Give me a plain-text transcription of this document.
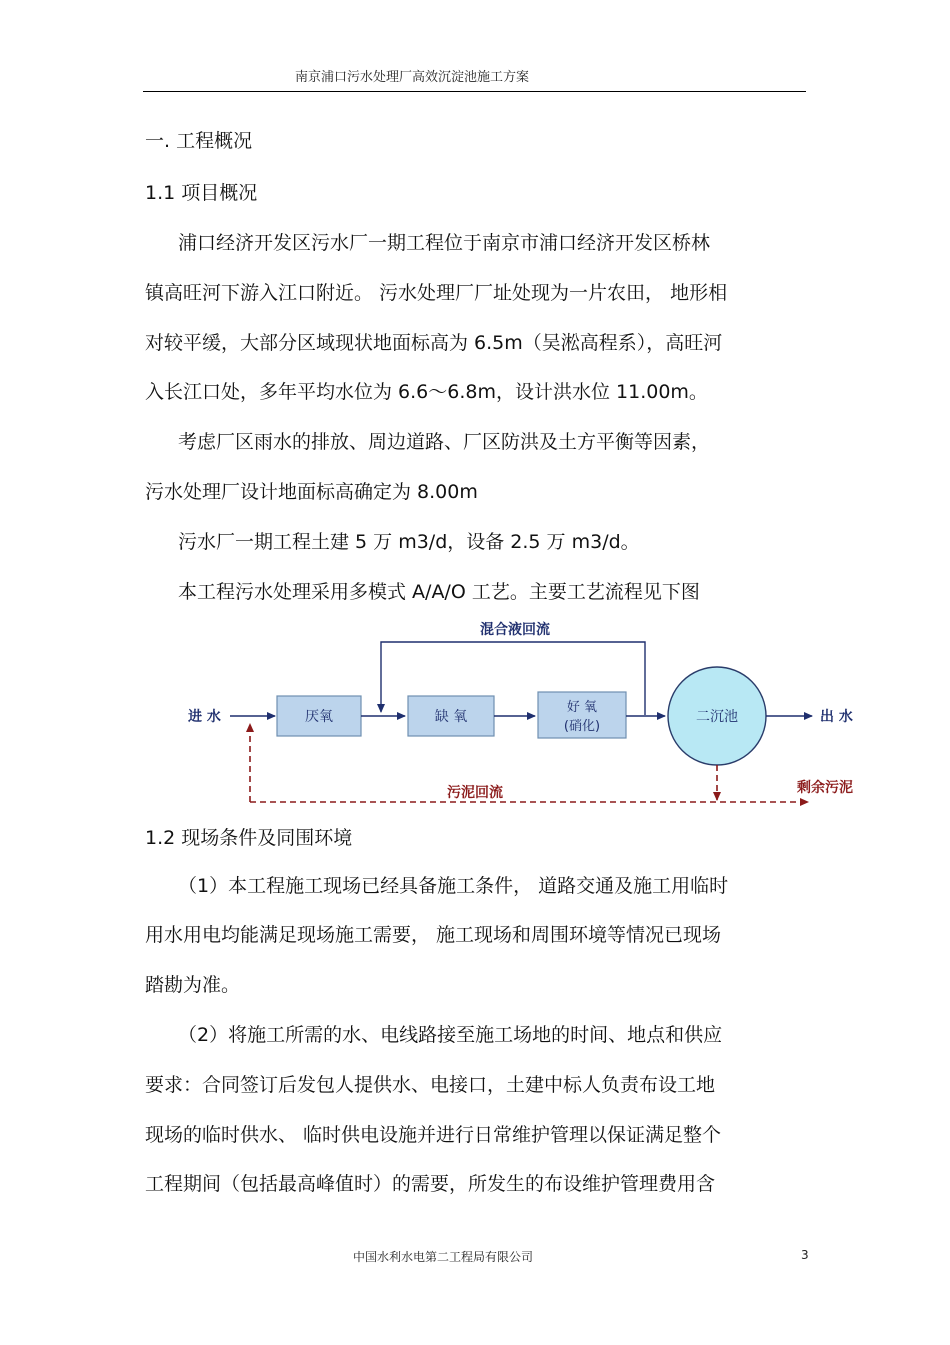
南京浦口污水处理厂高效沉淀池施工方案
一. 工程概况
1.1 项目概况
浦口经济开发区污水厂一期工程位于南京市浦口经济开发区桥林
镇高旺河下游入江口附近。 污水处理厂厂址处现为一片农田， 地形相
对较平缓，大部分区域现状地面标高为 6.5m（吴淞高程系），高旺河
入长江口处，多年平均水位为 6.6～6.8m，设计洪水位 11.00m。
考虑厂区雨水的排放、周边道路、厂区防洪及土方平衡等因素，
污水处理厂设计地面标高确定为 8.00m
污水厂一期工程土建 5 万 m3/d，设备 2.5 万 m3/d。
本工程污水处理采用多模式 A/A/O 工艺。主要工艺流程见下图
混合液回流
进 水	厌氧	缺 氧
好 氧
(硝化)
二沉池	出 水
污泥回流	剩余污泥
1.2 现场条件及同围环境
（1）本工程施工现场已经具备施工条件， 道路交通及施工用临时
用水用电均能满足现场施工需要， 施工现场和周围环境等情况已现场
踏勘为准。
（2）将施工所需的水、电线路接至施工场地的时间、地点和供应
要求：合同签订后发包人提供水、电接口，土建中标人负责布设工地
现场的临时供水、 临时供电设施并进行日常维护管理以保证满足整个
工程期间（包括最高峰值时）的需要，所发生的布设维护管理费用含
中国水利水电第二工程局有限公司	3
